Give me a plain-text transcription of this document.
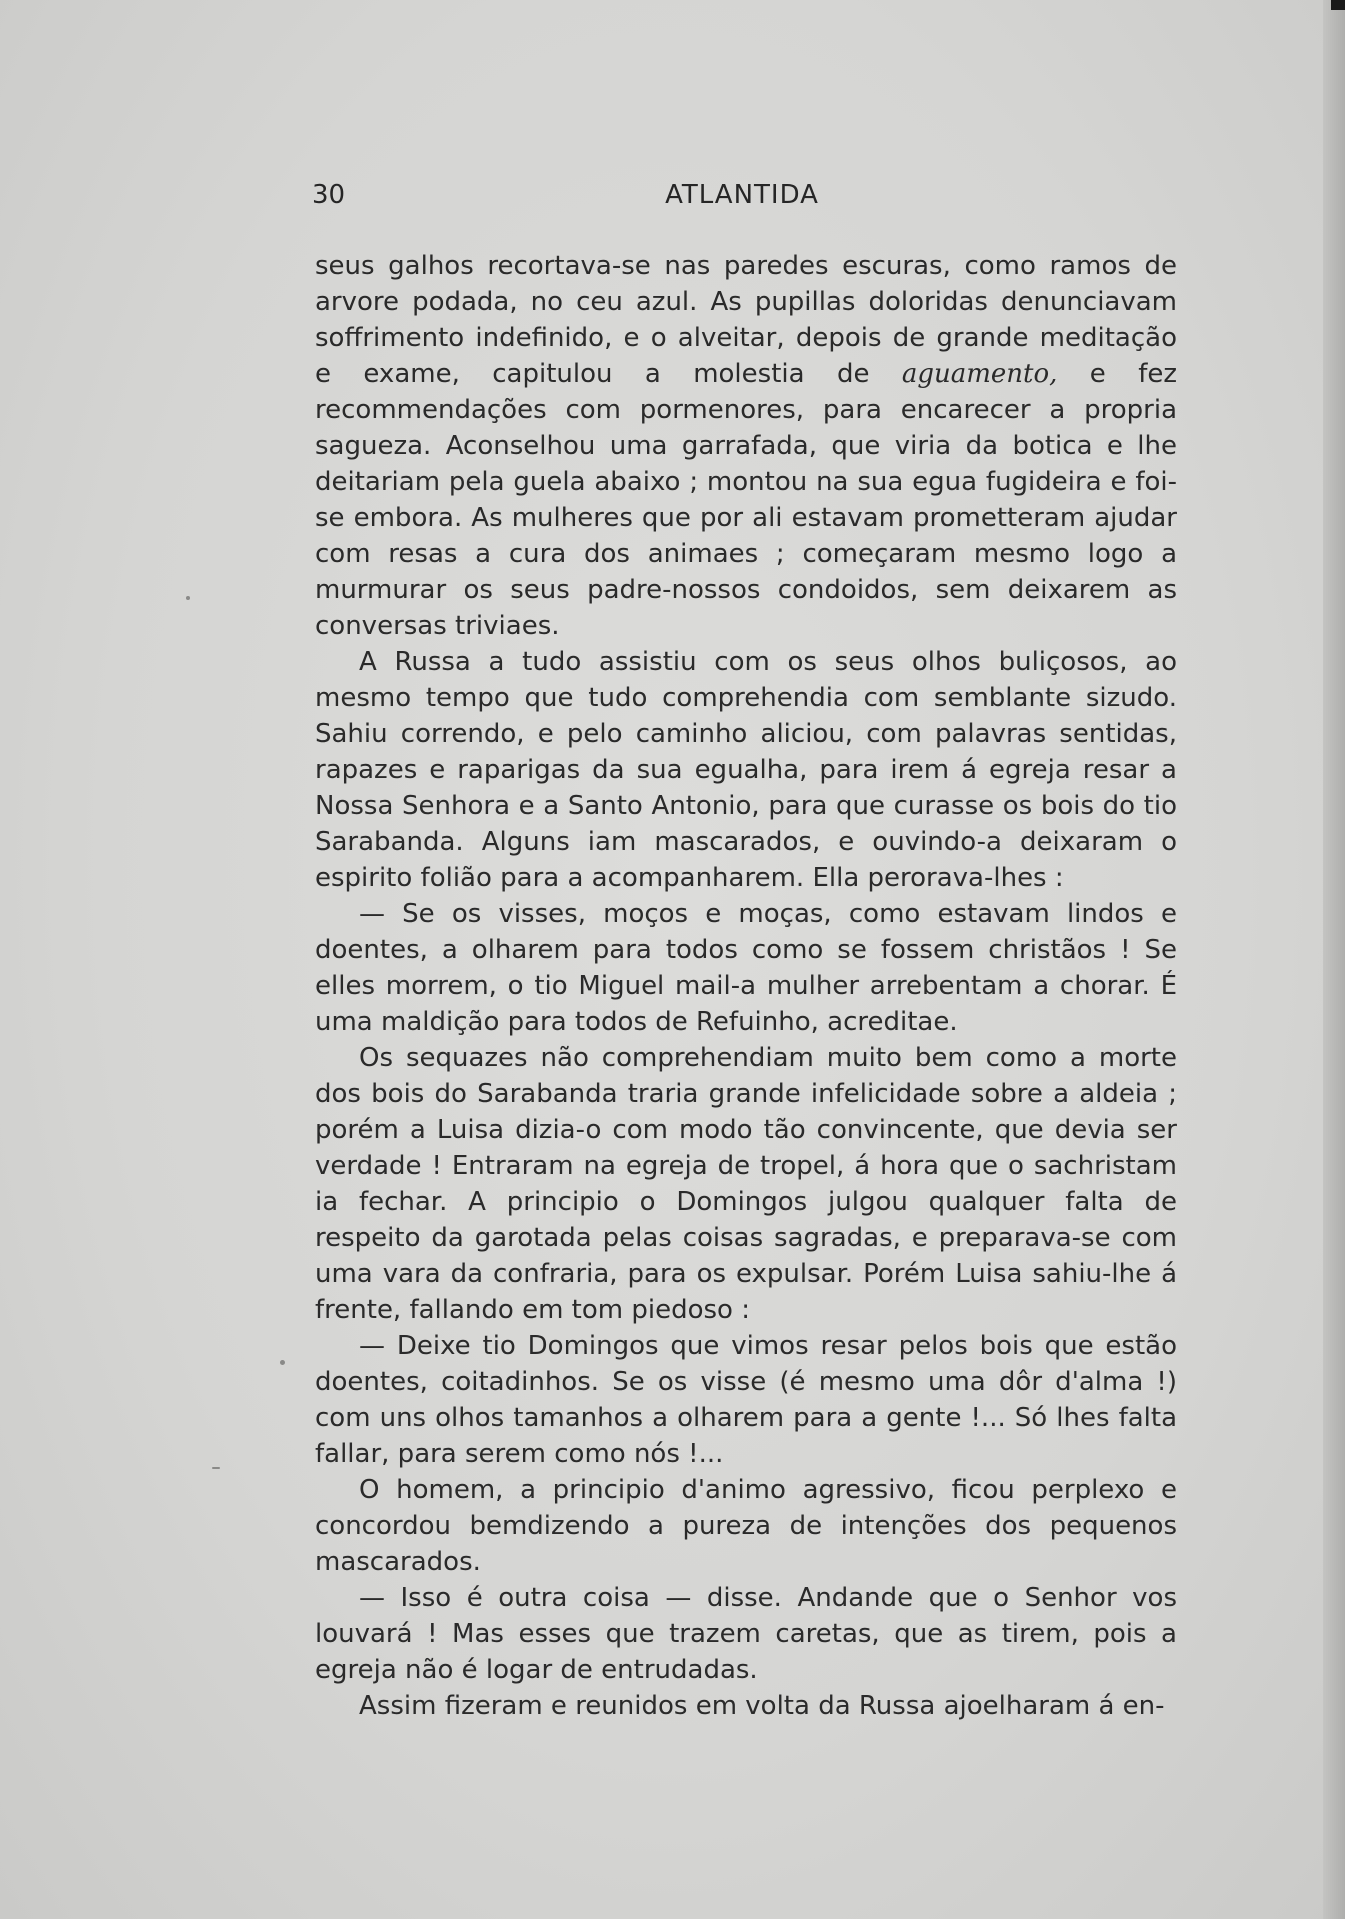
30	ATLANTIDA

seus galhos recortava-se nas paredes escuras, como ramos de arvore podada, no ceu azul. As pupillas doloridas denunciavam soffrimento indefinido, e o alveitar, depois de grande meditação e exame, capitulou a molestia de aguamento, e fez recommendações com pormenores, para encarecer a propria sagueza. Aconselhou uma garrafada, que viria da botica e lhe deitariam pela guela abaixo ; montou na sua egua fugideira e foi-se embora. As mulheres que por ali estavam prometteram ajudar com resas a cura dos animaes ; começaram mesmo logo a murmurar os seus padre-nossos condoidos, sem deixarem as conversas triviaes.

A Russa a tudo assistiu com os seus olhos buliçosos, ao mesmo tempo que tudo comprehendia com semblante sizudo. Sahiu correndo, e pelo caminho aliciou, com palavras sentidas, rapazes e raparigas da sua egualha, para irem á egreja resar a Nossa Senhora e a Santo Antonio, para que curasse os bois do tio Sarabanda. Alguns iam mascarados, e ouvindo-a deixaram o espirito folião para a acompanharem. Ella perorava-lhes :

— Se os visses, moços e moças, como estavam lindos e doentes, a olharem para todos como se fossem christãos ! Se elles morrem, o tio Miguel mail-a mulher arrebentam a chorar. É uma maldição para todos de Refuinho, acreditae.

Os sequazes não comprehendiam muito bem como a morte dos bois do Sarabanda traria grande infelicidade sobre a aldeia ; porém a Luisa dizia-o com modo tão convincente, que devia ser verdade ! Entraram na egreja de tropel, á hora que o sachristam ia fechar. A principio o Domingos julgou qualquer falta de respeito da garotada pelas coisas sagradas, e preparava-se com uma vara da confraria, para os expulsar. Porém Luisa sahiu-lhe á frente, fallando em tom piedoso :

— Deixe tio Domingos que vimos resar pelos bois que estão doentes, coitadinhos. Se os visse (é mesmo uma dôr d'alma !) com uns olhos tamanhos a olharem para a gente !... Só lhes falta fallar, para serem como nós !...

O homem, a principio d'animo agressivo, ficou perplexo e concordou bemdizendo a pureza de intenções dos pequenos mascarados.

— Isso é outra coisa — disse. Andande que o Senhor vos louvará ! Mas esses que trazem caretas, que as tirem, pois a egreja não é logar de entrudadas.

Assim fizeram e reunidos em volta da Russa ajoelharam á en-
